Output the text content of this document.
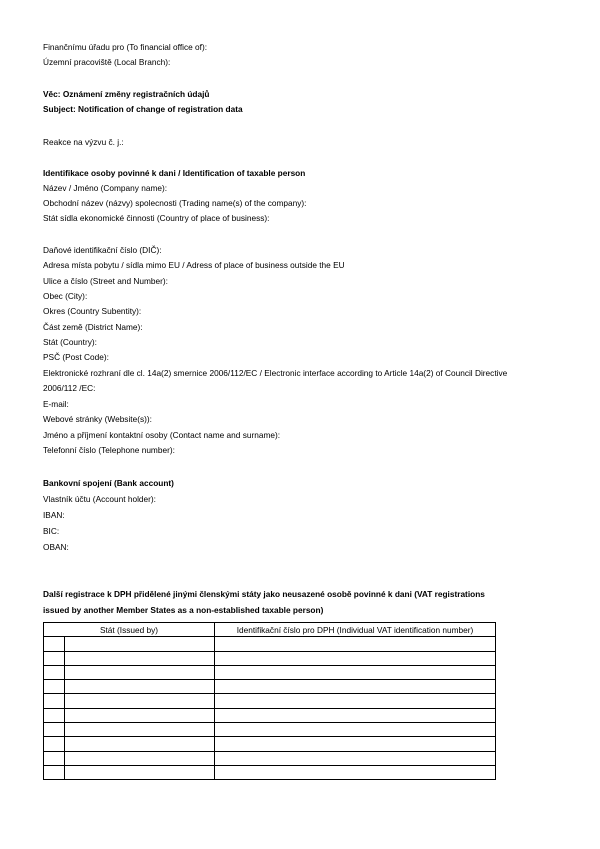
Finančnímu úřadu pro (To financial office of):
Územní pracoviště (Local Branch):
Věc: Oznámení změny registračních údajů
Subject: Notification of change of registration data
Reakce na výzvu č. j.:
Identifikace osoby povinné k dani / Identification of taxable person
Název / Jméno (Company name):
Obchodní název (názvy) spolecnosti (Trading name(s) of the company):
Stát sídla ekonomické činnosti (Country of place of business):
Daňové identifikační číslo (DIČ):
Adresa místa pobytu / sídla mimo EU / Adress of place of business outside the EU
Ulice a číslo (Street and Number):
Obec (City):
Okres (Country Subentity):
Část země (District Name):
Stát (Country):
PSČ (Post Code):
Elektronické rozhraní dle cl. 14a(2) smernice 2006/112/EC / Electronic interface according to Article 14a(2) of Council Directive
2006/112 /EC:
E-mail:
Webové stránky (Website(s)):
Jméno a příjmení kontaktní osoby (Contact name and surname):
Telefonní číslo (Telephone number):
Bankovní spojení (Bank account)
Vlastník účtu (Account holder):
IBAN:
BIC:
OBAN:
Další registrace k DPH přidělené jinými členskými státy jako neusazené osobě povinné k dani (VAT registrations
issued by another Member States as a non-established taxable person)
Stát (Issued by)		Identifikační číslo pro DPH (Individual VAT identification number)
